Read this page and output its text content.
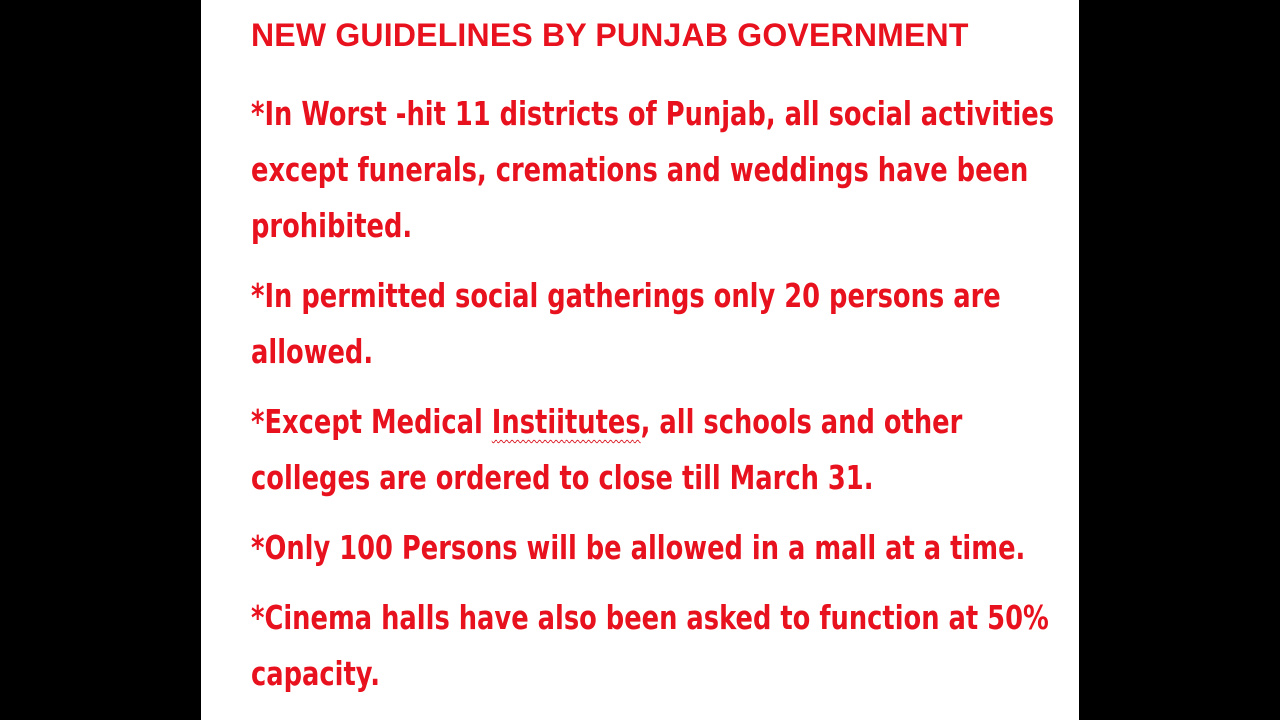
NEW GUIDELINES BY PUNJAB GOVERNMENT
*In Worst -hit 11 districts of Punjab, all social activities except funerals, cremations and weddings have been prohibited.
*In permitted social gatherings only 20 persons are allowed.
*Except Medical Instiitutes, all schools and other colleges are ordered to close till March 31.
*Only 100 Persons will be allowed in a mall at a time.
*Cinema halls have also been asked to function at 50% capacity.
